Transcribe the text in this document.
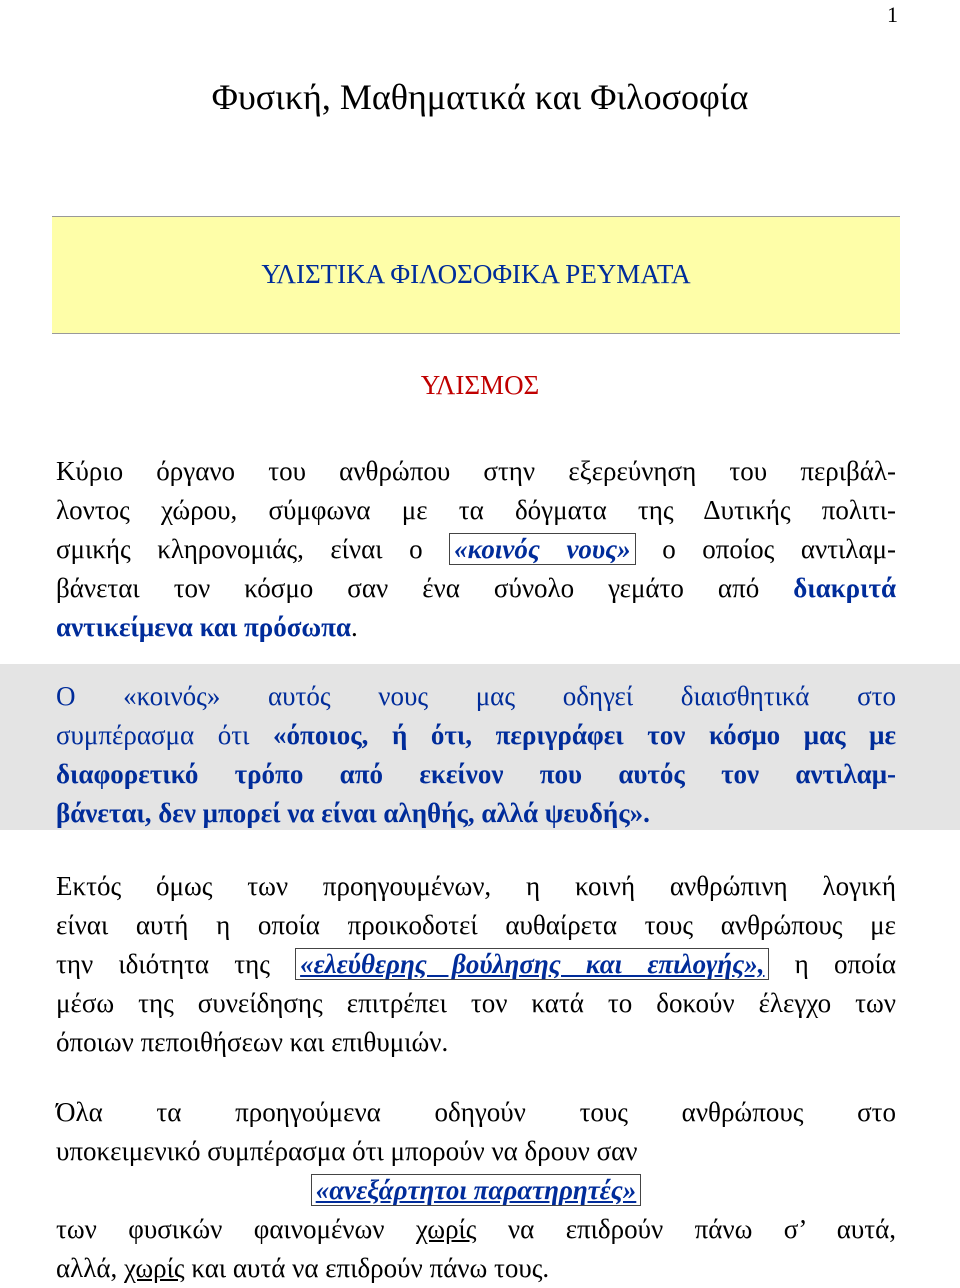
1
Φυσική, Μαθηματικά και Φιλοσοφία
ΥΛΙΣΤΙΚΑ ΦΙΛΟΣΟΦΙΚΑ ΡΕΥΜΑΤΑ
ΥΛΙΣΜΟΣ
Κύριο όργανο του ανθρώπου στην εξερεύνηση του περιβάλ-
λοντος χώρου, σύμφωνα με τα δόγματα της Δυτικής πολιτι-
σμικής κληρονομιάς, είναι ο «κοινός νους» ο οποίος αντιλαμ-
βάνεται τον κόσμο σαν ένα σύνολο γεμάτο από διακριτά
αντικείμενα και πρόσωπα.
Ο «κοινός» αυτός νους μας οδηγεί διαισθητικά στο
συμπέρασμα ότι «όποιος, ή ότι, περιγράφει τον κόσμο μας με
διαφορετικό τρόπο από εκείνον που αυτός τον αντιλαμ-
βάνεται, δεν μπορεί να είναι αληθής, αλλά ψευδής».
Εκτός όμως των προηγουμένων, η κοινή ανθρώπινη λογική
είναι αυτή η οποία προικοδοτεί αυθαίρετα τους ανθρώπους με
την ιδιότητα της «ελεύθερης βούλησης και επιλογής», η οποία
μέσω της συνείδησης επιτρέπει τον κατά το δοκούν έλεγχο των
όποιων πεποιθήσεων και επιθυμιών.
Όλα τα προηγούμενα οδηγούν τους ανθρώπους στο
υποκειμενικό συμπέρασμα ότι μπορούν να δρουν σαν
«ανεξάρτητοι παρατηρητές»
των φυσικών φαινομένων χωρίς να επιδρούν πάνω σ’ αυτά,
αλλά, χωρίς και αυτά να επιδρούν πάνω τους.
